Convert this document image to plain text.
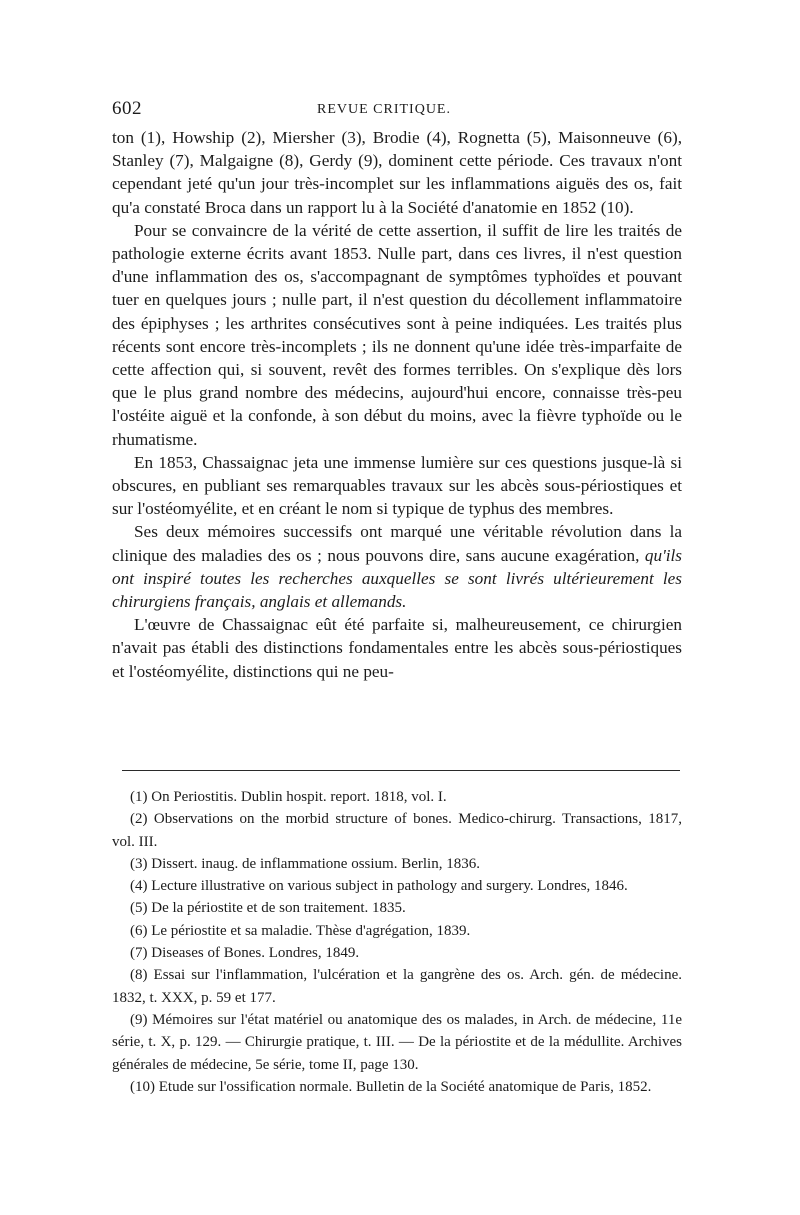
602	REVUE CRITIQUE.

ton (1), Howship (2), Miersher (3), Brodie (4), Rognetta (5), Maisonneuve (6), Stanley (7), Malgaigne (8), Gerdy (9), dominent cette période. Ces travaux n'ont cependant jeté qu'un jour très-incomplet sur les inflammations aiguës des os, fait qu'a constaté Broca dans un rapport lu à la Société d'anatomie en 1852 (10).

Pour se convaincre de la vérité de cette assertion, il suffit de lire les traités de pathologie externe écrits avant 1853. Nulle part, dans ces livres, il n'est question d'une inflammation des os, s'accompagnant de symptômes typhoïdes et pouvant tuer en quelques jours ; nulle part, il n'est question du décollement inflammatoire des épiphyses ; les arthrites consécutives sont à peine indiquées. Les traités plus récents sont encore très-incomplets ; ils ne donnent qu'une idée très-imparfaite de cette affection qui, si souvent, revêt des formes terribles. On s'explique dès lors que le plus grand nombre des médecins, aujourd'hui encore, connaisse très-peu l'ostéite aiguë et la confonde, à son début du moins, avec la fièvre typhoïde ou le rhumatisme.

En 1853, Chassaignac jeta une immense lumière sur ces questions jusque-là si obscures, en publiant ses remarquables travaux sur les abcès sous-périostiques et sur l'ostéomyélite, et en créant le nom si typique de typhus des membres.

Ses deux mémoires successifs ont marqué une véritable révolution dans la clinique des maladies des os ; nous pouvons dire, sans aucune exagération, qu'ils ont inspiré toutes les recherches auxquelles se sont livrés ultérieurement les chirurgiens français, anglais et allemands.

L'œuvre de Chassaignac eût été parfaite si, malheureusement, ce chirurgien n'avait pas établi des distinctions fondamentales entre les abcès sous-périostiques et l'ostéomyélite, distinctions qui ne peu-

(1) On Periostitis. Dublin hospit. report. 1818, vol. I.

(2) Observations on the morbid structure of bones. Medico-chirurg. Transactions, 1817, vol. III.

(3) Dissert. inaug. de inflammatione ossium. Berlin, 1836.

(4) Lecture illustrative on various subject in pathology and surgery. Londres, 1846.

(5) De la périostite et de son traitement. 1835.

(6) Le périostite et sa maladie. Thèse d'agrégation, 1839.

(7) Diseases of Bones. Londres, 1849.

(8) Essai sur l'inflammation, l'ulcération et la gangrène des os. Arch. gén. de médecine. 1832, t. XXX, p. 59 et 177.

(9) Mémoires sur l'état matériel ou anatomique des os malades, in Arch. de médecine, 11e série, t. X, p. 129. — Chirurgie pratique, t. III. — De la périostite et de la médullite. Archives générales de médecine, 5e série, tome II, page 130.

(10) Etude sur l'ossification normale. Bulletin de la Société anatomique de Paris, 1852.
